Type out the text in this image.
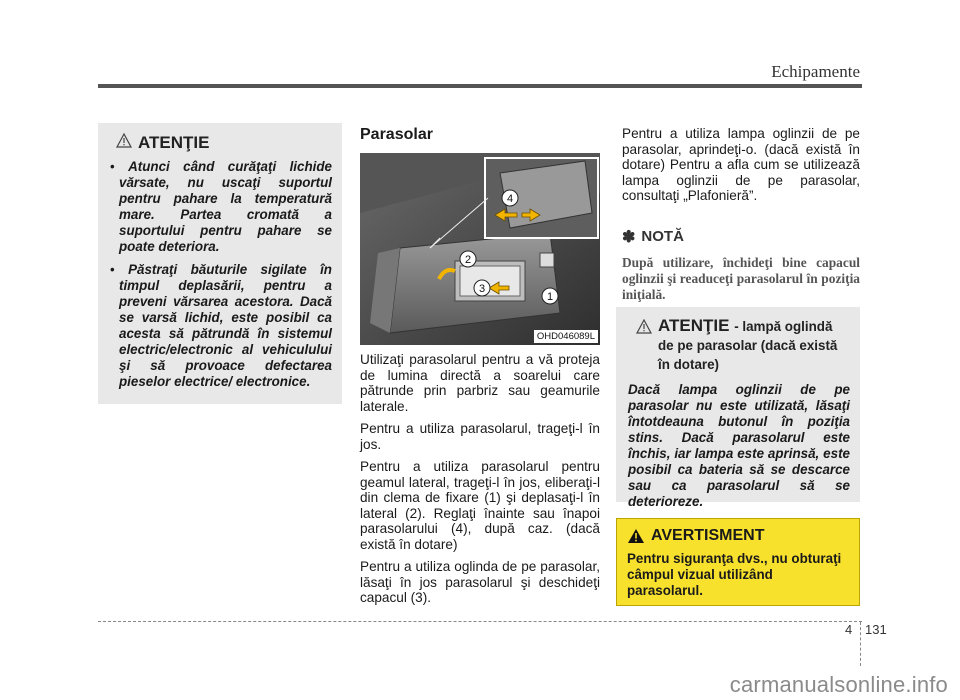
Echipamente
ATENŢIE
• Atunci când curăţaţi lichide vărsate, nu uscaţi suportul pentru pahare la temperatură mare. Partea cromată a suportului pentru pahare se poate deteriora.
• Păstraţi băuturile sigilate în timpul deplasării, pentru a preveni vărsarea acestora. Dacă se varsă lichid, este posibil ca acesta să pătrundă în sistemul electric/electronic al vehiculului şi să provoace defectarea pieselor electrice/ electronice.
Parasolar
1
2
3
4
OHD046089L

Utilizaţi parasolarul pentru a vă proteja de lumina directă a soarelui care pătrunde prin parbriz sau geamurile laterale.

Pentru a utiliza parasolarul, trageţi-l în jos.

Pentru a utiliza parasolarul pentru geamul lateral, trageţi-l în jos, eliberaţi-l din clema de fixare (1) şi deplasaţi-l în lateral (2). Reglaţi înainte sau înapoi parasolarului (4), după caz. (dacă există în dotare)

Pentru a utiliza oglinda de pe parasolar, lăsaţi în jos parasolarul şi deschideţi capacul (3).

Pentru a utiliza lampa oglinzii de pe parasolar, aprindeţi-o. (dacă există în dotare) Pentru a afla cum se utilizează lampa oglinzii de pe parasolar, consultaţi „Plafonieră”.

✽ NOTĂ

După utilizare, închideţi bine capacul oglinzii şi readuceţi parasolarul în poziţia iniţială.

ATENŢIE - lampă oglindă de pe parasolar (dacă există în dotare)

Dacă lampa oglinzii de pe parasolar nu este utilizată, lăsaţi întotdeauna butonul în poziţia stins. Dacă parasolarul este închis, iar lampa este aprinsă, este posibil ca bateria să se descarce sau ca parasolarul să se deterioreze.

AVERTISMENT

Pentru siguranţa dvs., nu obturaţi câmpul vizual utilizând parasolarul.

4 131
carmanualsonline.info
